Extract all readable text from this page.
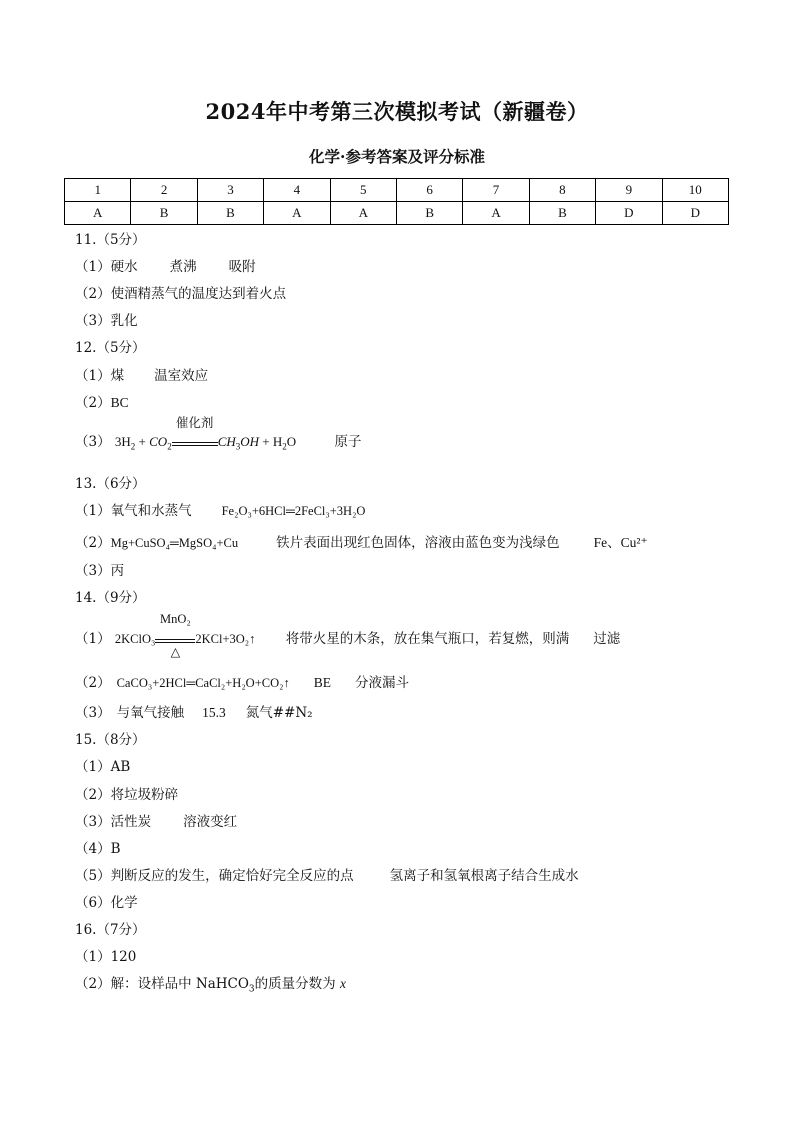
2024年中考第三次模拟考试（新疆卷）
化学·参考答案及评分标准
1	2	3	4	5	6	7	8	9	10
A	B	B	A	A	B	A	B	D	D
11.（5分）
（1）硬水 煮沸 吸附
（2）使酒精蒸气的温度达到着火点
（3）乳化
12.（5分）
（1）煤 温室效应
（2）BC
（3） $3H_2 + CO_2$
催化剂
$CH_3OH + H_2O$	原子
13.（6分）
（1）氧气和水蒸气 Fe₂O₃+6HCl═2FeCl₃+3H₂O
（2）Mg+CuSO₄═MgSO₄+Cu	铁片表面出现红色固体，溶液由蓝色变为浅绿色	Fe、Cu²⁺
（3）丙
14.（9分）
（1） 2KClO₃
MnO₂
△
2KCl+3O₂↑ 将带火星的木条，放在集气瓶口，若复燃，则满 过滤
（2） CaCO₃+2HCl═CaCl₂+H₂O+CO₂↑ BE 分液漏斗
（3） 与氧气接触 15.3 氮气##N₂
15.（8分）
（1）AB
（2）将垃圾粉碎
（3）活性炭 溶液变红
（4）B
（5）判断反应的发生，确定恰好完全反应的点	氢离子和氢氧根离子结合生成水
（6）化学
16.（7分）
（1）120
（2）解：设样品中 NaHCO$_3$的质量分数为 x
